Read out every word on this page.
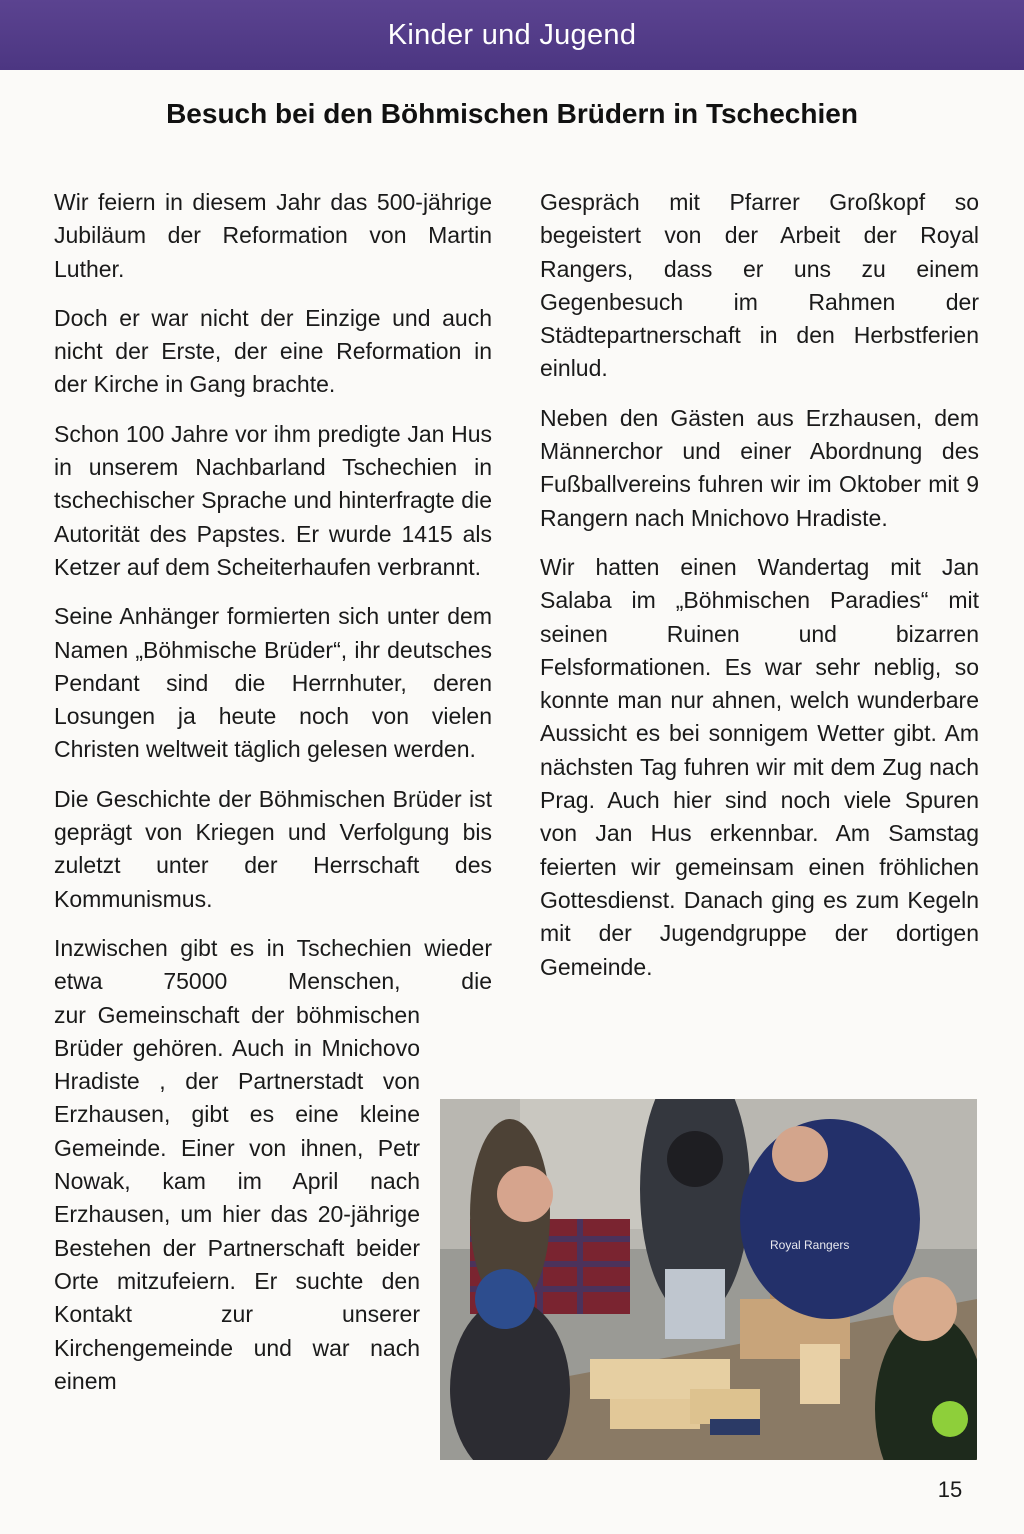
Kinder und Jugend
Besuch bei den Böhmischen Brüdern in Tschechien

Wir feiern in diesem Jahr das 500-jährige Jubiläum der Reformation von Martin Luther.

Doch er war nicht der Einzige und auch nicht der Erste, der eine Reformation in der Kirche in Gang brachte.

Schon 100 Jahre vor ihm predigte Jan Hus in unserem Nachbarland Tschechien in tschechischer Sprache und hinterfragte die Autorität des Papstes. Er wurde 1415 als Ketzer auf dem Scheiterhaufen verbrannt.

Seine Anhänger formierten sich unter dem Namen „Böhmische Brüder“, ihr deutsches Pendant sind die Herrnhuter, deren Losungen ja heute noch von vielen Christen weltweit täglich gelesen werden.

Die Geschichte der Böhmischen Brüder ist geprägt von Kriegen und Verfolgung bis zuletzt unter der Herrschaft des Kommunismus.

Inzwischen gibt es in Tschechien wieder etwa 75000 Menschen, die
zur Gemeinschaft der böhmischen Brüder gehören. Auch in Mnichovo Hradiste , der Partnerstadt von Erzhausen, gibt es eine kleine Gemeinde. Einer von ihnen, Petr Nowak, kam im April nach Erzhausen, um hier das 20-jährige Bestehen der Partnerschaft beider Orte mitzufeiern. Er suchte den Kontakt zur unserer Kirchengemeinde und war nach einem

Gespräch mit Pfarrer Großkopf so begeistert von der Arbeit der Royal Rangers, dass er uns zu einem Gegenbesuch im Rahmen der Städtepartnerschaft in den Herbstferien einlud.

Neben den Gästen aus Erzhausen, dem Männerchor und einer Abordnung des Fußballvereins fuhren wir im Oktober mit 9 Rangern nach Mnichovo Hradiste.

Wir hatten einen Wandertag mit Jan Salaba im „Böhmischen Paradies“ mit seinen Ruinen und bizarren Felsformationen. Es war sehr neblig, so konnte man nur ahnen, welch wunderbare Aussicht es bei sonnigem Wetter gibt. Am nächsten Tag fuhren wir mit dem Zug nach Prag. Auch hier sind noch viele Spuren von Jan Hus erkennbar. Am Samstag feierten wir gemeinsam einen fröhlichen Gottesdienst. Danach ging es zum Kegeln mit der Jugendgruppe der dortigen Gemeinde.

Royal Rangers
15
